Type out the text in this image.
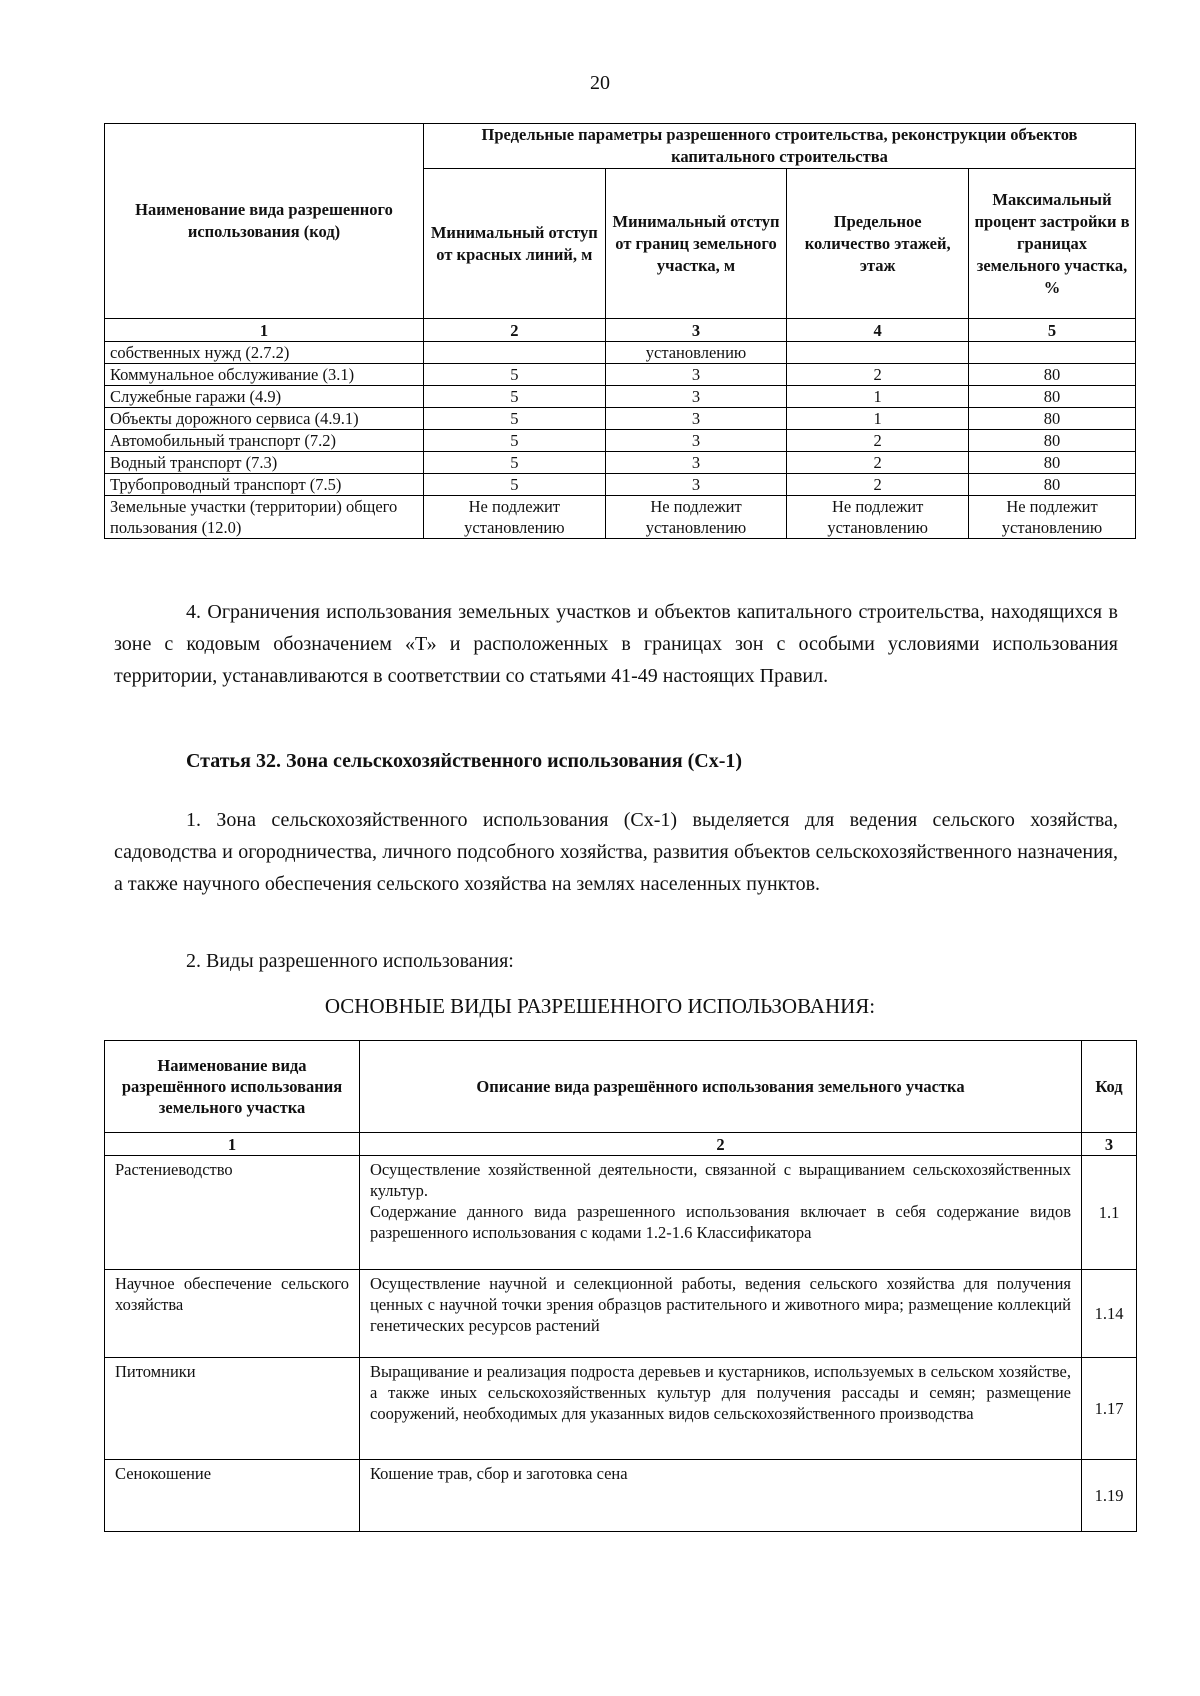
20
Наименование вида разрешенного использования (код)	Предельные параметры разрешенного строительства, реконструкции объектов капитального строительства			
	Минимальный отступ от красных линий, м	Минимальный отступ от границ земельного участка, м	Предельное количество этажей, этаж	Максимальный процент застройки в границах земельного участка, %
1	2	3	4	5
собственных нужд (2.7.2)		установлению		
Коммунальное обслуживание (3.1)	5	3	2	80
Служебные гаражи (4.9)	5	3	1	80
Объекты дорожного сервиса (4.9.1)	5	3	1	80
Автомобильный транспорт (7.2)	5	3	2	80
Водный транспорт (7.3)	5	3	2	80
Трубопроводный транспорт (7.5)	5	3	2	80
Земельные участки (территории) общего пользования (12.0)	Не подлежит установлению	Не подлежит установлению	Не подлежит установлению	Не подлежит установлению

4. Ограничения использования земельных участков и объектов капитального строительства, находящихся в зоне с кодовым обозначением «Т» и расположенных в границах зон с особыми условиями использования территории, устанавливаются в соответствии со статьями 41-49 настоящих Правил.

Статья 32. Зона сельскохозяйственного использования (Сх-1)

1. Зона сельскохозяйственного использования (Сх-1) выделяется для ведения сельского хозяйства, садоводства и огородничества, личного подсобного хозяйства, развития объектов сельскохозяйственного назначения, а также научного обеспечения сельского хозяйства на землях населенных пунктов.

2. Виды разрешенного использования:

ОСНОВНЫЕ ВИДЫ РАЗРЕШЕННОГО ИСПОЛЬЗОВАНИЯ:
Наименование вида разрешённого использования земельного участка	Описание вида разрешённого использования земельного участка	Код
1	2	3
Растениеводство	Осуществление хозяйственной деятельности, связанной с выращиванием сельскохозяйственных культур.
Содержание данного вида разрешенного использования включает в себя содержание видов разрешенного использования с кодами 1.2-1.6 Классификатора	1.1
Научное обеспечение сельского хозяйства	Осуществление научной и селекционной работы, ведения сельского хозяйства для получения ценных с научной точки зрения образцов растительного и животного мира; размещение коллекций генетических ресурсов растений	1.14
Питомники	Выращивание и реализация подроста деревьев и кустарников, используемых в сельском хозяйстве, а также иных сельскохозяйственных культур для получения рассады и семян; размещение сооружений, необходимых для указанных видов сельскохозяйственного производства	1.17
Сенокошение	Кошение трав, сбор и заготовка сена	1.19
